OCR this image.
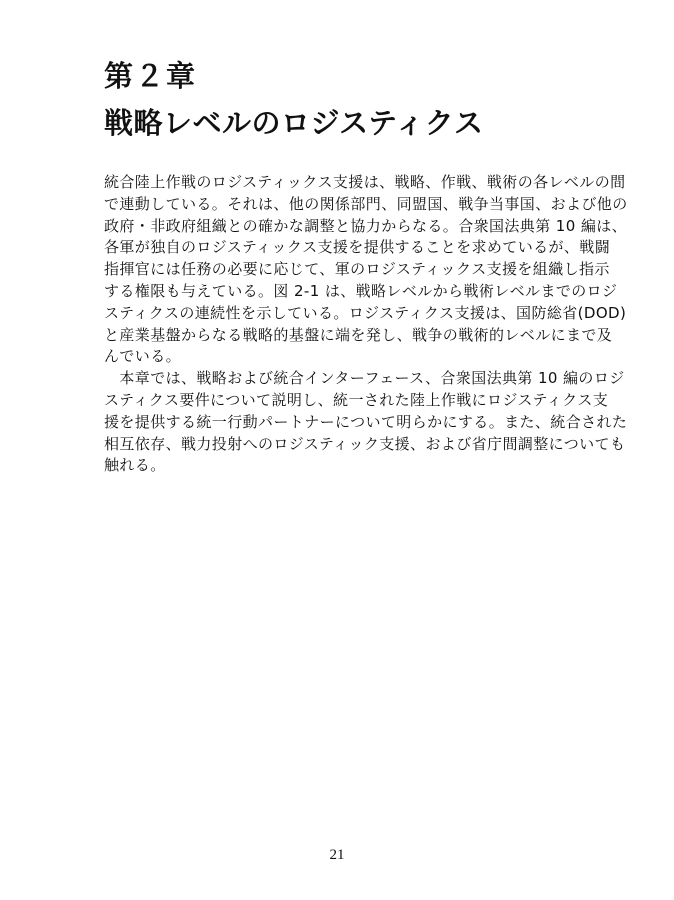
第２章
戦略レベルのロジスティクス
統合陸上作戦のロジスティックス支援は、戦略、作戦、戦術の各レベルの間
で連動している。それは、他の関係部門、同盟国、戦争当事国、および他の
政府・非政府組織との確かな調整と協力からなる。合衆国法典第 10 編は、
各軍が独自のロジスティックス支援を提供することを求めているが、戦闘
指揮官には任務の必要に応じて、軍のロジスティックス支援を組織し指示
する権限も与えている。図 2-1 は、戦略レベルから戦術レベルまでのロジ
スティクスの連続性を示している。ロジスティクス支援は、国防総省(DOD)
と産業基盤からなる戦略的基盤に端を発し、戦争の戦術的レベルにまで及
んでいる。
　本章では、戦略および統合インターフェース、合衆国法典第 10 編のロジ
スティクス要件について説明し、統一された陸上作戦にロジスティクス支
援を提供する統一行動パートナーについて明らかにする。また、統合された
相互依存、戦力投射へのロジスティック支援、および省庁間調整についても
触れる。
21
